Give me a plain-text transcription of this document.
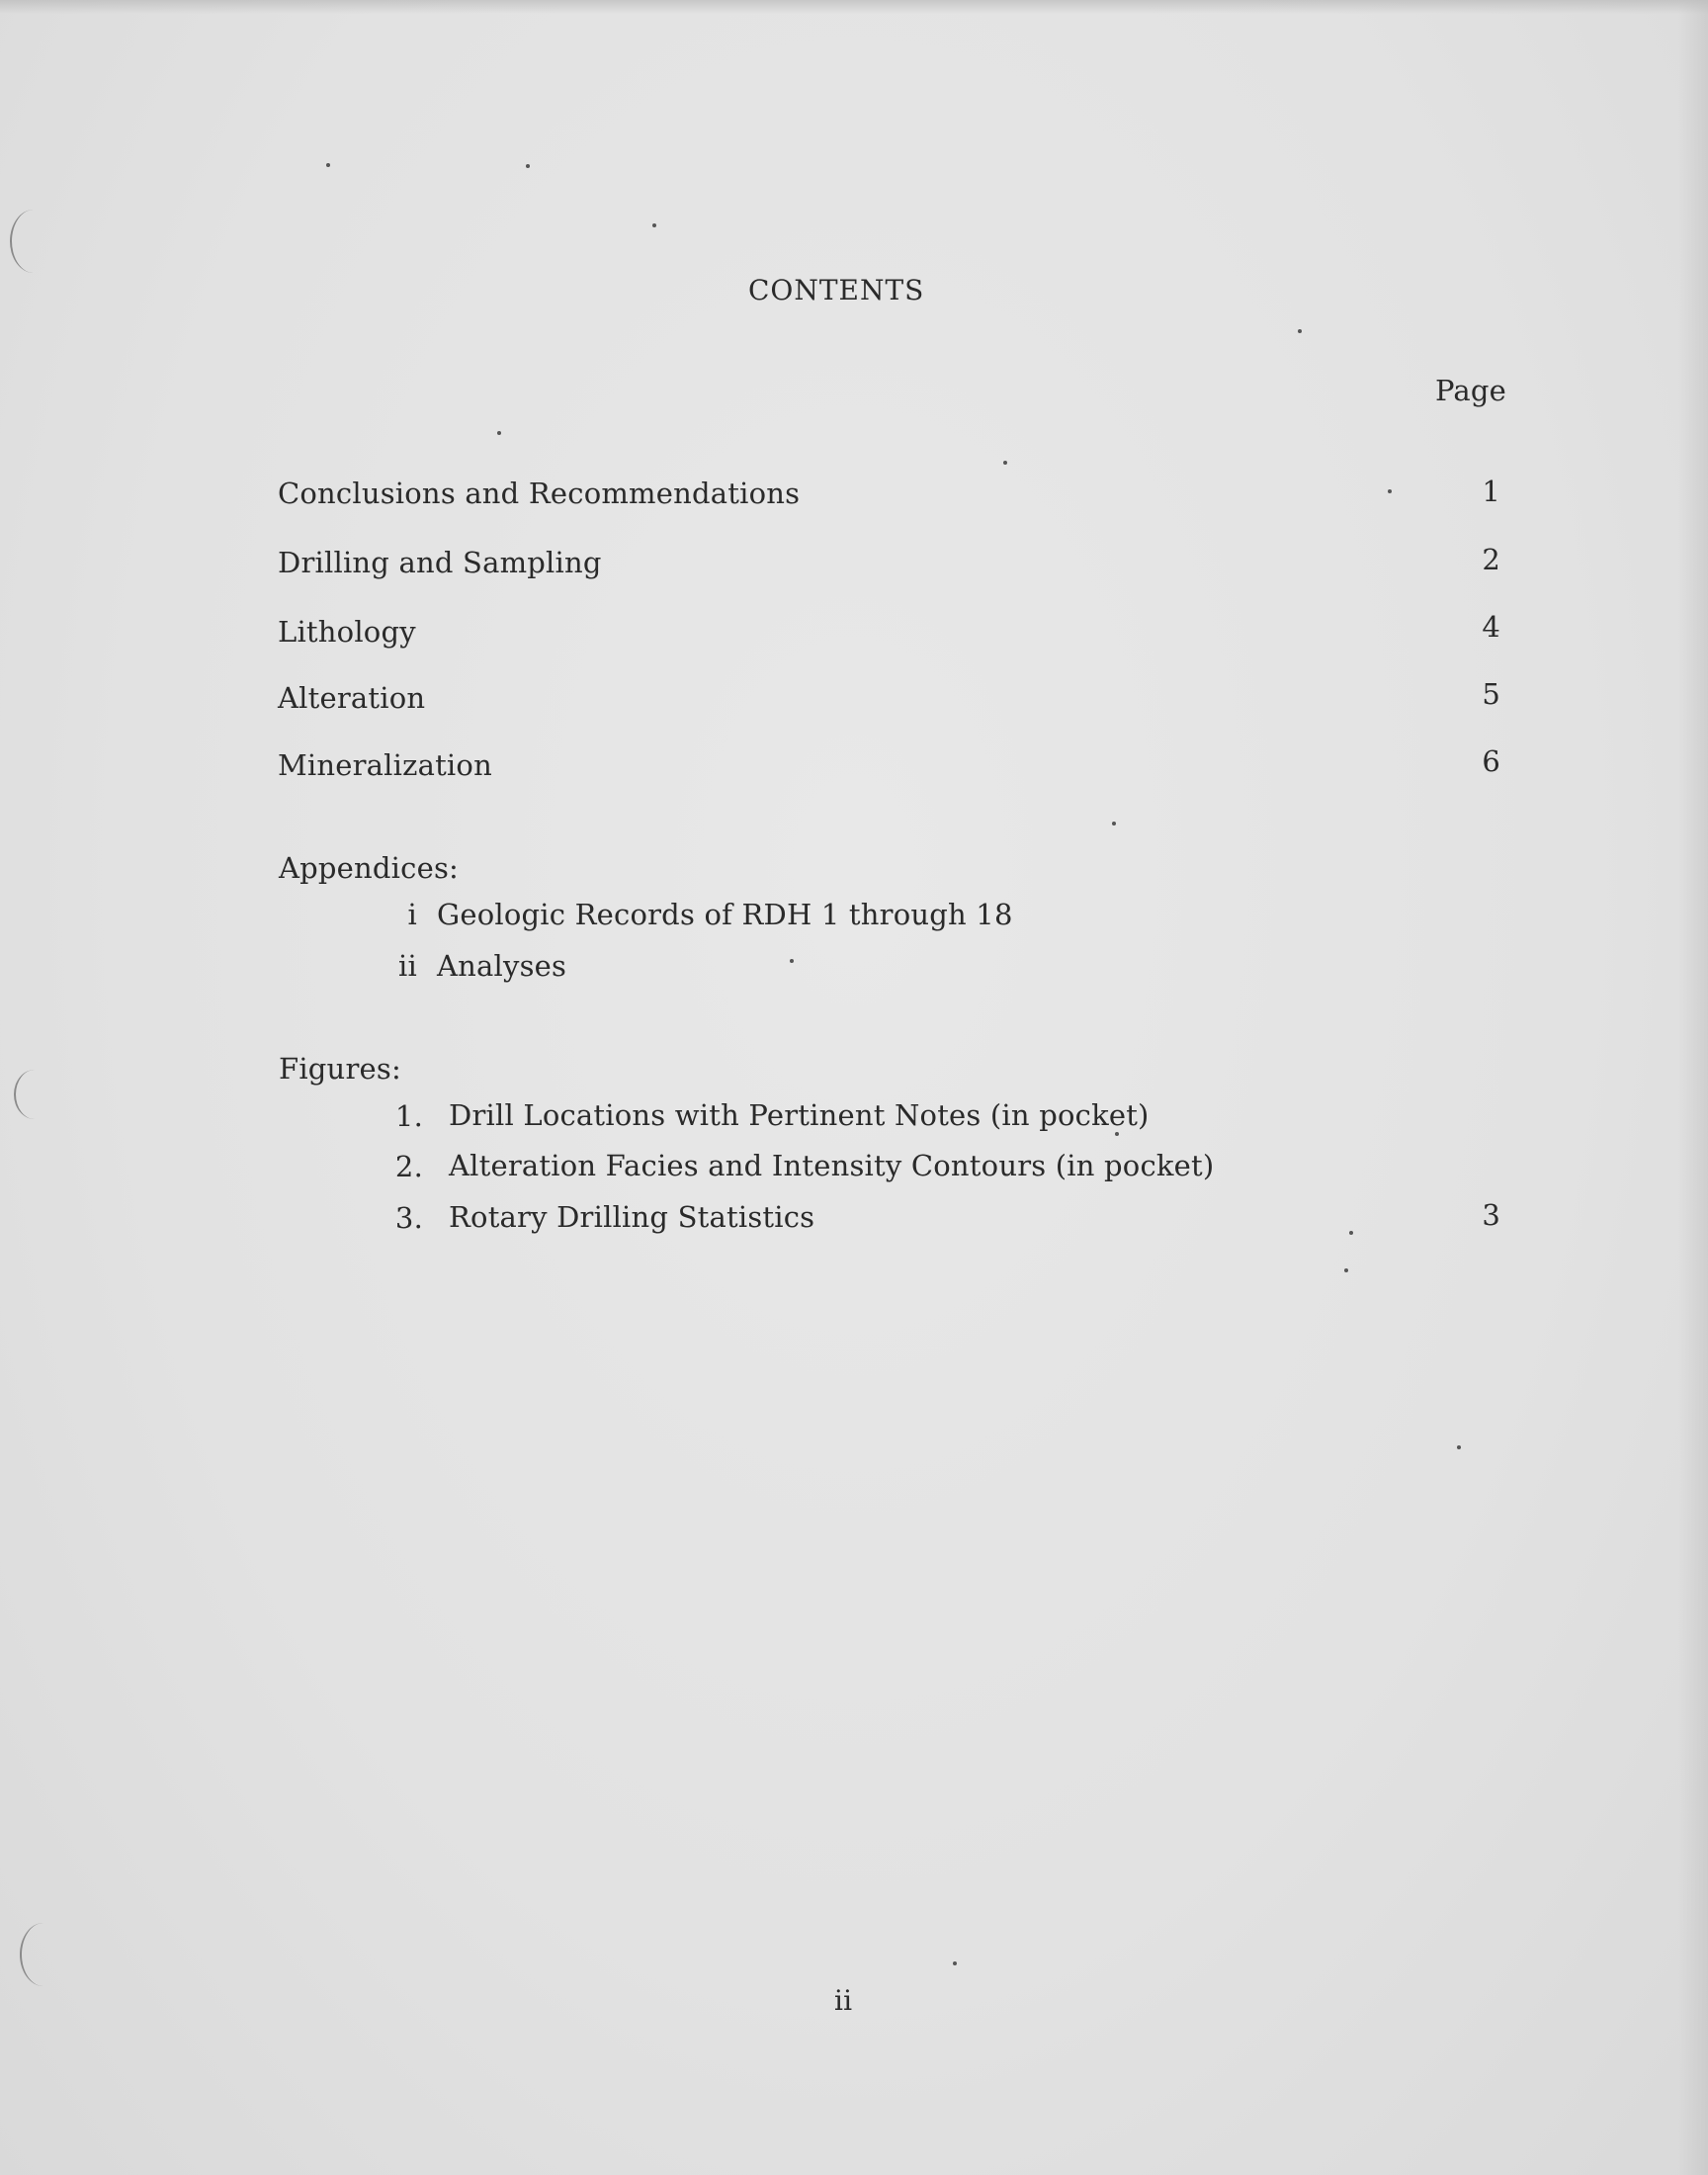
CONTENTS
Page
Conclusions and Recommendations	1
Drilling and Sampling	2
Lithology	4
Alteration	5
Mineralization	6
Appendices:
i Geologic Records of RDH 1 through 18
ii Analyses
Figures:
1. Drill Locations with Pertinent Notes (in pocket)
2. Alteration Facies and Intensity Contours (in pocket)
3. Rotary Drilling Statistics	3
ii
